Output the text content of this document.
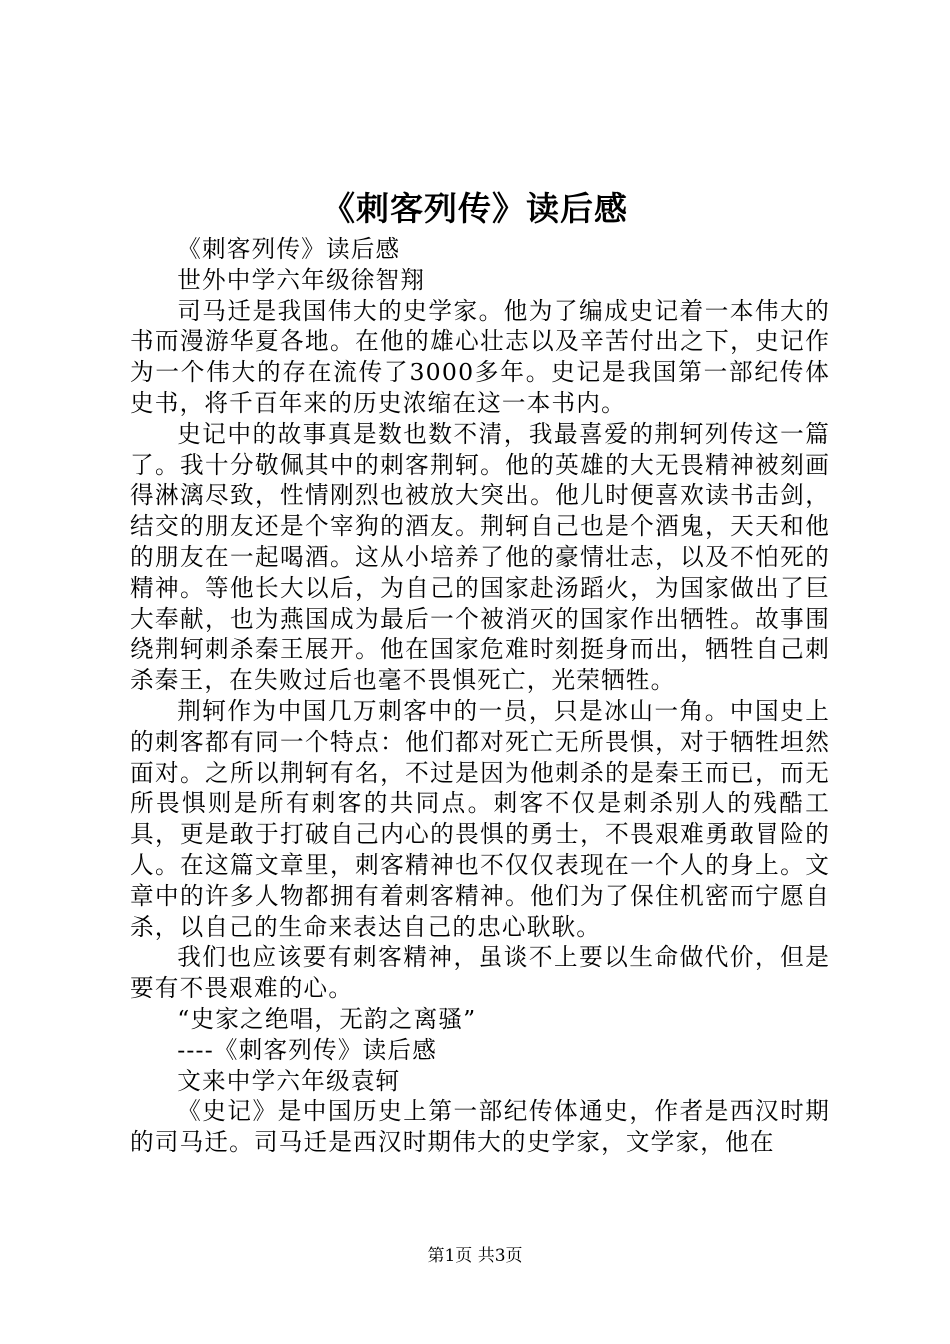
《刺客列传》读后感

《刺客列传》读后感

世外中学六年级徐智翔

司马迁是我国伟大的史学家。他为了编成史记着一本伟大的书而漫游华夏各地。在他的雄心壮志以及辛苦付出之下，史记作为一个伟大的存在流传了3000多年。史记是我国第一部纪传体史书，将千百年来的历史浓缩在这一本书内。

史记中的故事真是数也数不清，我最喜爱的荆轲列传这一篇了。我十分敬佩其中的刺客荆轲。他的英雄的大无畏精神被刻画得淋漓尽致，性情刚烈也被放大突出。他儿时便喜欢读书击剑，结交的朋友还是个宰狗的酒友。荆轲自己也是个酒鬼，天天和他的朋友在一起喝酒。这从小培养了他的豪情壮志，以及不怕死的精神。等他长大以后，为自己的国家赴汤蹈火，为国家做出了巨大奉献，也为燕国成为最后一个被消灭的国家作出牺牲。故事围绕荆轲刺杀秦王展开。他在国家危难时刻挺身而出，牺牲自己刺杀秦王，在失败过后也毫不畏惧死亡，光荣牺牲。

荆轲作为中国几万刺客中的一员，只是冰山一角。中国史上的刺客都有同一个特点：他们都对死亡无所畏惧，对于牺牲坦然面对。之所以荆轲有名，不过是因为他刺杀的是秦王而已，而无所畏惧则是所有刺客的共同点。刺客不仅是刺杀别人的残酷工具，更是敢于打破自己内心的畏惧的勇士，不畏艰难勇敢冒险的人。在这篇文章里，刺客精神也不仅仅表现在一个人的身上。文章中的许多人物都拥有着刺客精神。他们为了保住机密而宁愿自杀，以自己的生命来表达自己的忠心耿耿。

我们也应该要有刺客精神，虽谈不上要以生命做代价，但是要有不畏艰难的心。

“史家之绝唱，无韵之离骚”

----《刺客列传》读后感

文来中学六年级袁轲

《史记》是中国历史上第一部纪传体通史，作者是西汉时期的司马迁。司马迁是西汉时期伟大的史学家，文学家，他在

第1页 共3页
